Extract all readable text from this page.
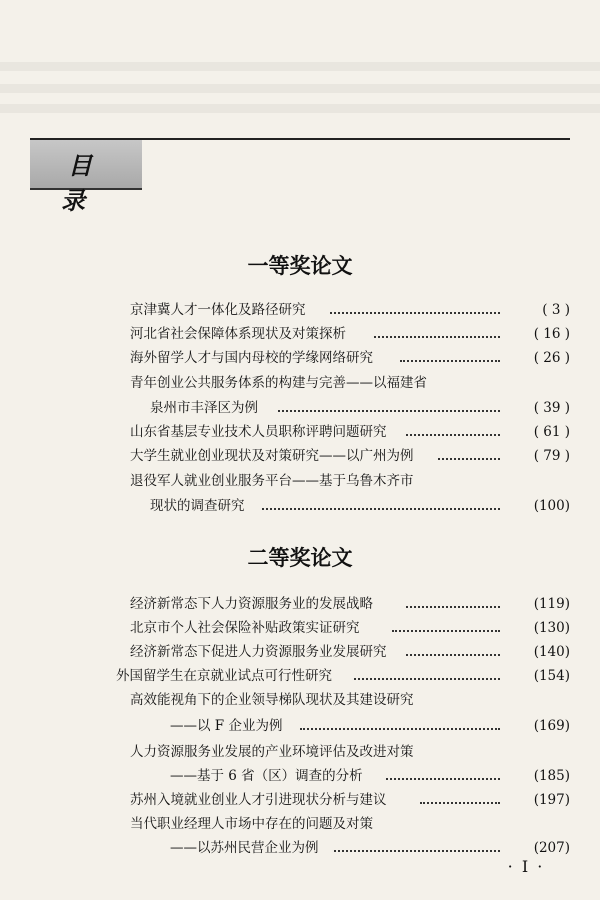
目 录
一等奖论文
京津冀人才一体化及路径研究	( 3 )
河北省社会保障体系现状及对策探析	( 16 )
海外留学人才与国内母校的学缘网络研究	( 26 )
青年创业公共服务体系的构建与完善——以福建省
泉州市丰泽区为例	( 39 )
山东省基层专业技术人员职称评聘问题研究	( 61 )
大学生就业创业现状及对策研究——以广州为例	( 79 )
退役军人就业创业服务平台——基于乌鲁木齐市
现状的调查研究	(100)
二等奖论文
经济新常态下人力资源服务业的发展战略	(119)
北京市个人社会保险补贴政策实证研究	(130)
经济新常态下促进人力资源服务业发展研究	(140)
外国留学生在京就业试点可行性研究	(154)
高效能视角下的企业领导梯队现状及其建设研究
——以 F 企业为例	(169)
人力资源服务业发展的产业环境评估及改进对策
——基于 6 省（区）调查的分析	(185)
苏州入境就业创业人才引进现状分析与建议	(197)
当代职业经理人市场中存在的问题及对策
——以苏州民营企业为例	(207)
· I ·
